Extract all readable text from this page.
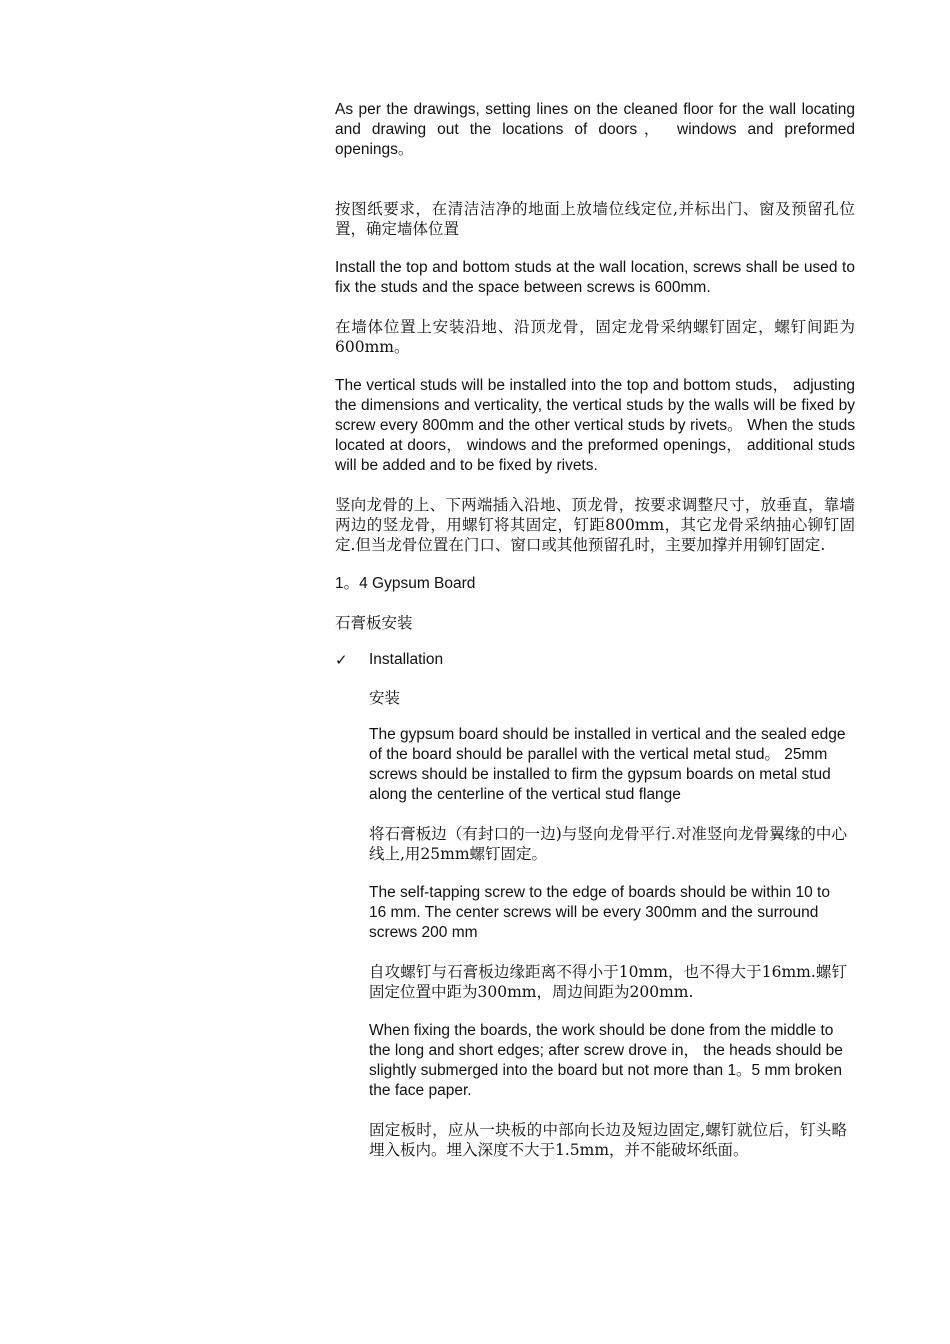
As per the drawings, setting lines on the cleaned floor for the wall locating and drawing out the locations of doors， windows and preformed openings。

按图纸要求，在清洁洁净的地面上放墙位线定位,并标出门、窗及预留孔位置，确定墙体位置

Install the top and bottom studs at the wall location, screws shall be used to fix the studs and the space between screws is 600mm.

在墙体位置上安装沿地、沿顶龙骨，固定龙骨采纳螺钉固定，螺钉间距为600mm。

The vertical studs will be installed into the top and bottom studs， adjusting the dimensions and verticality, the vertical studs by the walls will be fixed by screw every 800mm and the other vertical studs by rivets。 When the studs located at doors， windows and the preformed openings， additional studs will be added and to be fixed by rivets.

竖向龙骨的上、下两端插入沿地、顶龙骨，按要求调整尺寸，放垂直，靠墙两边的竖龙骨，用螺钉将其固定，钉距800mm，其它龙骨采纳抽心铆钉固定.但当龙骨位置在门口、窗口或其他预留孔时，主要加撑并用铆钉固定.

1。4 Gypsum Board

石膏板安装

✓	Installation

安装

The gypsum board should be installed in vertical and the sealed edge of the board should be parallel with the vertical metal stud。 25mm screws should be installed to firm the gypsum boards on metal stud along the centerline of the vertical stud flange

将石膏板边（有封口的一边)与竖向龙骨平行.对准竖向龙骨翼缘的中心线上,用25mm螺钉固定。

The self-tapping screw to the edge of boards should be within 10 to 16 mm. The center screws will be every 300mm and the surround screws 200 mm

自攻螺钉与石膏板边缘距离不得小于10mm，也不得大于16mm.螺钉固定位置中距为300mm，周边间距为200mm.

When fixing the boards, the work should be done from the middle to the long and short edges; after screw drove in， the heads should be slightly submerged into the board but not more than 1。5 mm broken the face paper.

固定板时，应从一块板的中部向长边及短边固定,螺钉就位后，钉头略埋入板内。埋入深度不大于1.5mm，并不能破坏纸面。
